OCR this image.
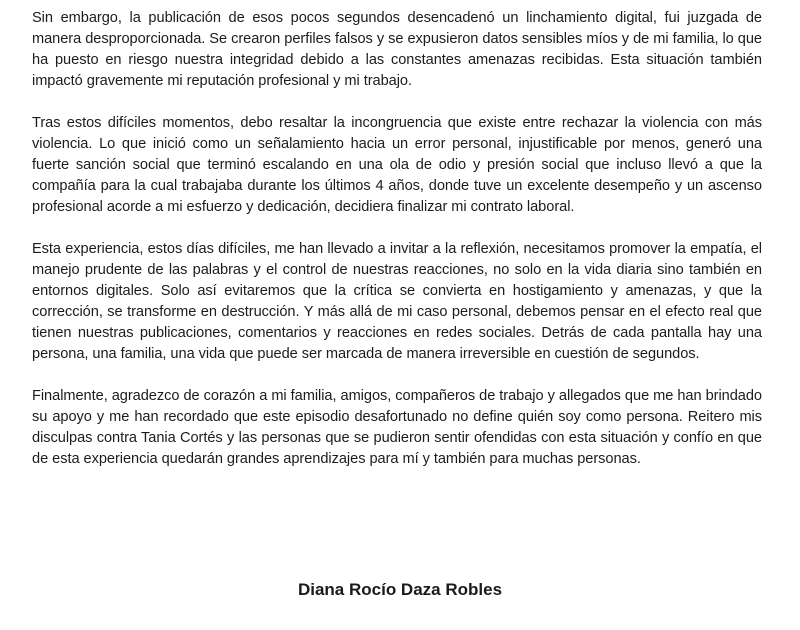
Sin embargo, la publicación de esos pocos segundos desencadenó un linchamiento digital, fui juzgada de manera desproporcionada. Se crearon perfiles falsos y se expusieron datos sensibles míos y de mi familia, lo que ha puesto en riesgo nuestra integridad debido a las constantes amenazas recibidas. Esta situación también impactó gravemente mi reputación profesional y mi trabajo.

Tras estos difíciles momentos, debo resaltar la incongruencia que existe entre rechazar la violencia con más violencia. Lo que inició como un señalamiento hacia un error personal, injustificable por menos, generó una fuerte sanción social que terminó escalando en una ola de odio y presión social que incluso llevó a que la compañía para la cual trabajaba durante los últimos 4 años, donde tuve un excelente desempeño y un ascenso profesional acorde a mi esfuerzo y dedicación, decidiera finalizar mi contrato laboral.

Esta experiencia, estos días difíciles, me han llevado a invitar a la reflexión, necesitamos promover la empatía, el manejo prudente de las palabras y el control de nuestras reacciones, no solo en la vida diaria sino también en entornos digitales. Solo así evitaremos que la crítica se convierta en hostigamiento y amenazas, y que la corrección, se transforme en destrucción. Y más allá de mi caso personal, debemos pensar en el efecto real que tienen nuestras publicaciones, comentarios y reacciones en redes sociales. Detrás de cada pantalla hay una persona, una familia, una vida que puede ser marcada de manera irreversible en cuestión de segundos.

Finalmente, agradezco de corazón a mi familia, amigos, compañeros de trabajo y allegados que me han brindado su apoyo y me han recordado que este episodio desafortunado no define quién soy como persona. Reitero mis disculpas contra Tania Cortés y las personas que se pudieron sentir ofendidas con esta situación y confío en que de esta experiencia quedarán grandes aprendizajes para mí y también para muchas personas.

Diana Rocío Daza Robles
